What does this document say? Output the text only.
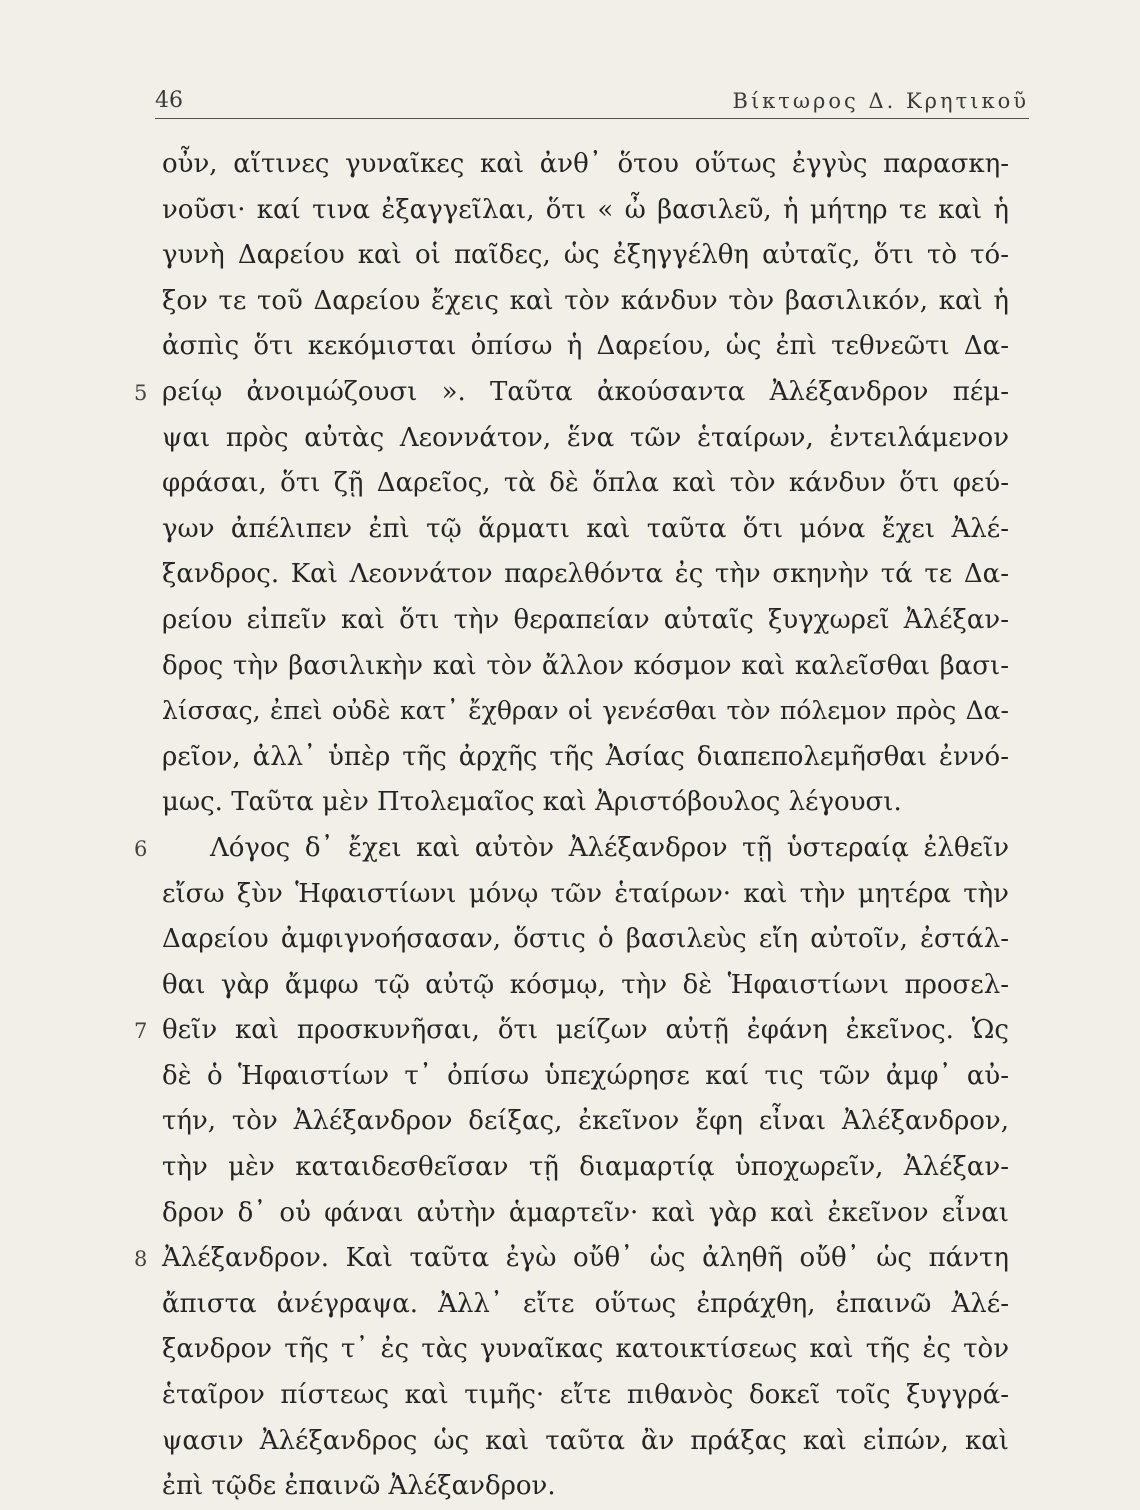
46	Βίκτωρος Δ. Κρητικοῦ
οὖν, αἵτινες γυναῖκες καὶ ἀνθ᾽ ὅτου οὕτως ἐγγὺς παρασκη-
νοῦσι· καί τινα ἐξαγγεῖλαι, ὅτι « ὦ βασιλεῦ, ἡ μήτηρ τε καὶ ἡ
γυνὴ Δαρείου καὶ οἱ παῖδες, ὡς ἐξηγγέλθη αὐταῖς, ὅτι τὸ τό-
ξον τε τοῦ Δαρείου ἔχεις καὶ τὸν κάνδυν τὸν βασιλικόν, καὶ ἡ
ἀσπὶς ὅτι κεκόμισται ὀπίσω ἡ Δαρείου, ὡς ἐπὶ τεθνεῶτι Δα-
5 ρείῳ ἀνοιμώζουσι ». Ταῦτα ἀκούσαντα Ἀλέξανδρον πέμ-
ψαι πρὸς αὐτὰς Λεοννάτον, ἕνα τῶν ἑταίρων, ἐντειλάμενον
φράσαι, ὅτι ζῇ Δαρεῖος, τὰ δὲ ὅπλα καὶ τὸν κάνδυν ὅτι φεύ-
γων ἀπέλιπεν ἐπὶ τῷ ἅρματι καὶ ταῦτα ὅτι μόνα ἔχει Ἀλέ-
ξανδρος. Καὶ Λεοννάτον παρελθόντα ἐς τὴν σκηνὴν τά τε Δα-
ρείου εἰπεῖν καὶ ὅτι τὴν θεραπείαν αὐταῖς ξυγχωρεῖ Ἀλέξαν-
δρος τὴν βασιλικὴν καὶ τὸν ἄλλον κόσμον καὶ καλεῖσθαι βασι-
λίσσας, ἐπεὶ οὐδὲ κατ᾽ ἔχθραν οἱ γενέσθαι τὸν πόλεμον πρὸς Δα-
ρεῖον, ἀλλ᾽ ὑπὲρ τῆς ἀρχῆς τῆς Ἀσίας διαπεπολεμῆσθαι ἐννό-
μως. Ταῦτα μὲν Πτολεμαῖος καὶ Ἀριστόβουλος λέγουσι.
6 Λόγος δ᾽ ἔχει καὶ αὐτὸν Ἀλέξανδρον τῇ ὑστεραίᾳ ἐλθεῖν
εἴσω ξὺν Ἡφαιστίωνι μόνῳ τῶν ἑταίρων· καὶ τὴν μητέρα τὴν
Δαρείου ἀμφιγνοήσασαν, ὅστις ὁ βασιλεὺς εἴη αὐτοῖν, ἐστάλ-
θαι γὰρ ἄμφω τῷ αὐτῷ κόσμῳ, τὴν δὲ Ἡφαιστίωνι προσελ-
7 θεῖν καὶ προσκυνῆσαι, ὅτι μείζων αὐτῇ ἐφάνη ἐκεῖνος. Ὡς
δὲ ὁ Ἡφαιστίων τ᾽ ὀπίσω ὑπεχώρησε καί τις τῶν ἀμφ᾽ αὐ-
τήν, τὸν Ἀλέξανδρον δείξας, ἐκεῖνον ἔφη εἶναι Ἀλέξανδρον,
τὴν μὲν καταιδεσθεῖσαν τῇ διαμαρτίᾳ ὑποχωρεῖν, Ἀλέξαν-
δρον δ᾽ οὐ φάναι αὐτὴν ἁμαρτεῖν· καὶ γὰρ καὶ ἐκεῖνον εἶναι
8 Ἀλέξανδρον. Καὶ ταῦτα ἐγὼ οὔθ᾽ ὡς ἀληθῆ οὔθ᾽ ὡς πάντη
ἄπιστα ἀνέγραψα. Ἀλλ᾽ εἴτε οὕτως ἐπράχθη, ἐπαινῶ Ἀλέ-
ξανδρον τῆς τ᾽ ἐς τὰς γυναῖκας κατοικτίσεως καὶ τῆς ἐς τὸν
ἑταῖρον πίστεως καὶ τιμῆς· εἴτε πιθανὸς δοκεῖ τοῖς ξυγγρά-
ψασιν Ἀλέξανδρος ὡς καὶ ταῦτα ἂν πράξας καὶ εἰπών, καὶ
ἐπὶ τῷδε ἐπαινῶ Ἀλέξανδρον.
